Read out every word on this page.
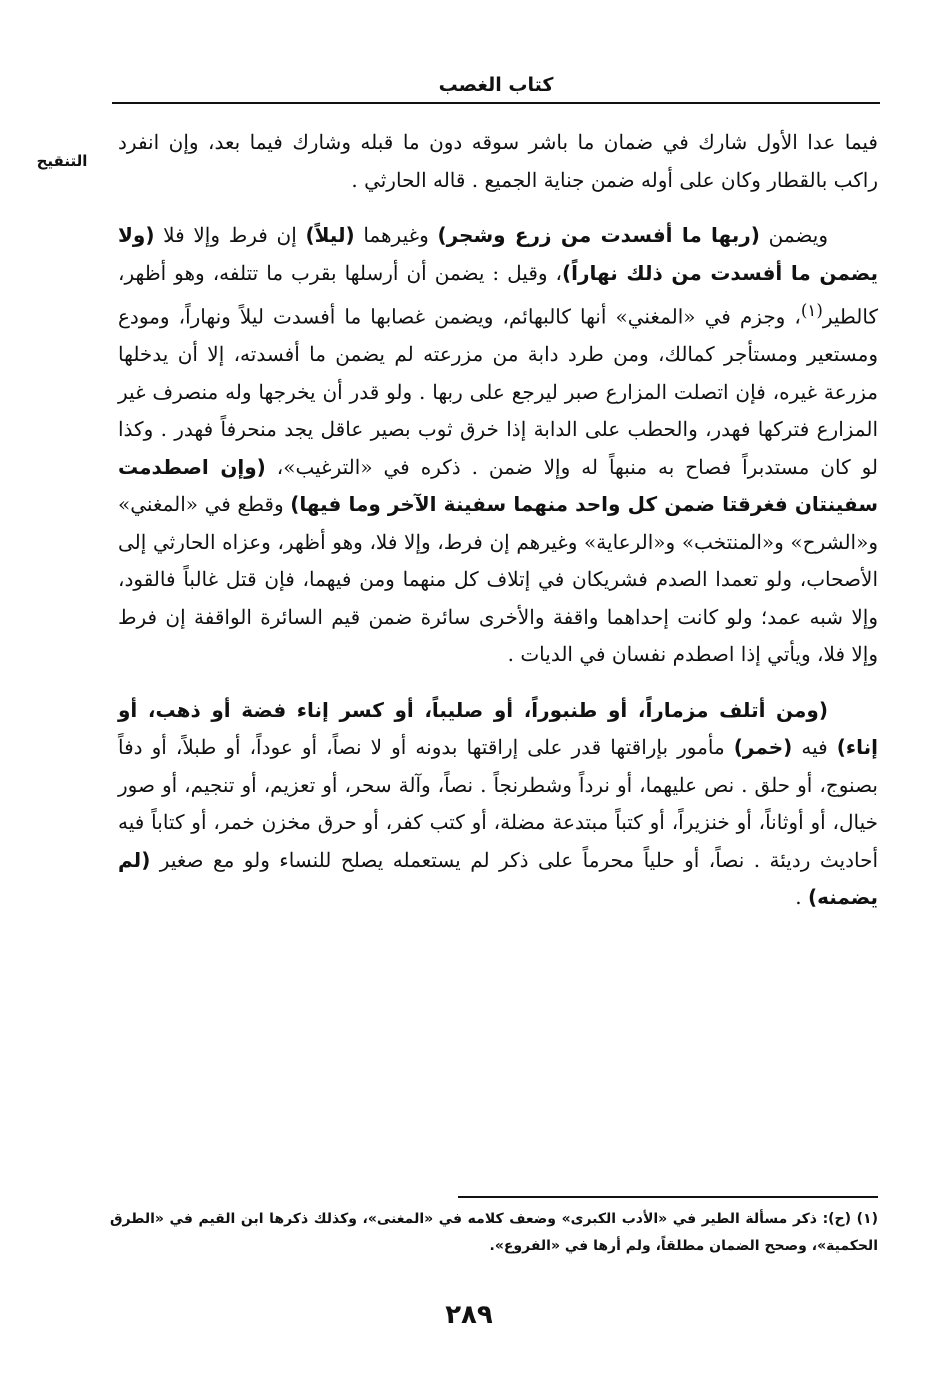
كتاب الغصب
التنقيح

فيما عدا الأول شارك في ضمان ما باشر سوقه دون ما قبله وشارك فيما بعد، وإن انفرد راكب بالقطار وكان على أوله ضمن جناية الجميع . قاله الحارثي .

ويضمن (ربها ما أفسدت من زرع وشجر) وغيرهما (ليلاً) إن فرط وإلا فلا (ولا يضمن ما أفسدت من ذلك نهاراً)، وقيل : يضمن أن أرسلها بقرب ما تتلفه، وهو أظهر، كالطير$^{(١)}$، وجزم في «المغني» أنها كالبهائم، ويضمن غصابها ما أفسدت ليلاً ونهاراً، ومودع ومستعير ومستأجر كمالك، ومن طرد دابة من مزرعته لم يضمن ما أفسدته، إلا أن يدخلها مزرعة غيره، فإن اتصلت المزارع صبر ليرجع على ربها . ولو قدر أن يخرجها وله منصرف غير المزارع فتركها فهدر، والحطب على الدابة إذا خرق ثوب بصير عاقل يجد منحرفاً فهدر . وكذا لو كان مستدبراً فصاح به منبهاً له وإلا ضمن . ذكره في «الترغيب»، (وإن اصطدمت سفينتان فغرقتا ضمن كل واحد منهما سفينة الآخر وما فيها) وقطع في «المغني» و«الشرح» و«المنتخب» و«الرعاية» وغيرهم إن فرط، وإلا فلا، وهو أظهر، وعزاه الحارثي إلى الأصحاب، ولو تعمدا الصدم فشريكان في إتلاف كل منهما ومن فيهما، فإن قتل غالباً فالقود، وإلا شبه عمد؛ ولو كانت إحداهما واقفة والأخرى سائرة ضمن قيم السائرة الواقفة إن فرط وإلا فلا، ويأتي إذا اصطدم نفسان في الديات .

(ومن أتلف مزماراً، أو طنبوراً، أو صليباً، أو كسر إناء فضة أو ذهب، أو إناء) فيه (خمر) مأمور بإراقتها قدر على إراقتها بدونه أو لا نصاً، أو عوداً، أو طبلاً، أو دفاً بصنوج، أو حلق . نص عليهما، أو نرداً وشطرنجاً . نصاً، وآلة سحر، أو تعزيم، أو تنجيم، أو صور خيال، أو أوثاناً، أو خنزيراً، أو كتباً مبتدعة مضلة، أو كتب كفر، أو حرق مخزن خمر، أو كتاباً فيه أحاديث رديئة . نصاً، أو حلياً محرماً على ذكر لم يستعمله يصلح للنساء ولو مع صغير (لم يضمنه) .

(١) (ح): ذكر مسألة الطير في «الأدب الكبرى» وضعف كلامه في «المغنى»، وكذلك ذكرها ابن القيم في «الطرق الحكمية»، وصحح الضمان مطلقاً، ولم أرها في «الفروع».

٢٨٩
